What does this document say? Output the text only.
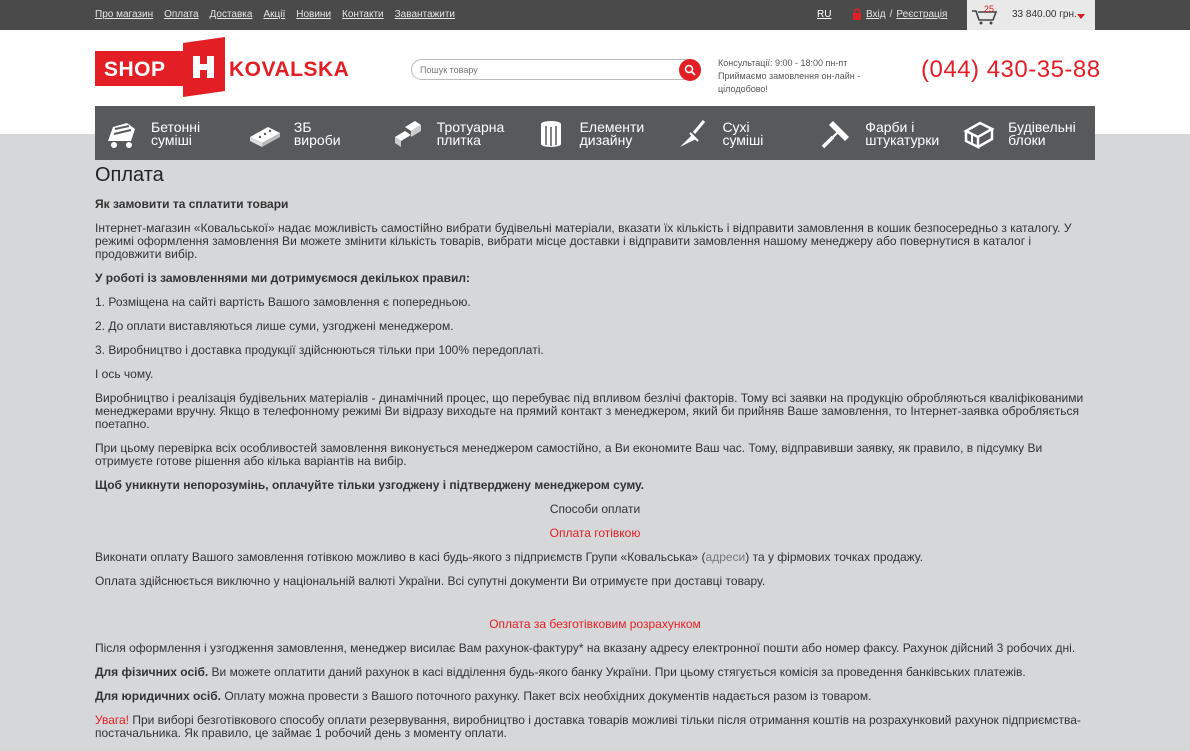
Про магазин Оплата Доставка Акції Новини Контакти Завантажити	RU	Вхід / Реєстрація	25 33 840.00 грн.
SHOP	KOVALSKA
Пошук товару	Консультації: 9:00 - 18:00 пн-пт
Приймаємо замовлення он-лайн - цілодобово!
(044) 430-35-88
Бетонні
суміші
ЗБ
вироби
Тротуарна
плитка
Елементи
дизайну
Сухі
суміші
Фарби і
штукатурки
Будівельні
блоки
Оплата
Як замовити та сплатити товари
Інтернет-магазин «Ковальської» надає можливість самостійно вибрати будівельні матеріали, вказати їх кількість і відправити замовлення в кошик безпосередньо з каталогу. У режимі оформлення замовлення Ви можете змінити кількість товарів, вибрати місце доставки і відправити замовлення нашому менеджеру або повернутися в каталог і продовжити вибір.
У роботі із замовленнями ми дотримуємося декількох правил:
1. Розміщена на сайті вартість Вашого замовлення є попередньою.
2. До оплати виставляються лише суми, узгоджені менеджером.
3. Виробництво і доставка продукції здійснюються тільки при 100% передоплаті.
І ось чому.
Виробництво і реалізація будівельних матеріалів - динамічний процес, що перебуває під впливом безлічі факторів. Тому всі заявки на продукцію обробляються кваліфікованими менеджерами вручну. Якщо в телефонному режимі Ви відразу виходьте на прямий контакт з менеджером, який би прийняв Ваше замовлення, то Інтернет-заявка обробляється поетапно.
При цьому перевірка всіх особливостей замовлення виконується менеджером самостійно, а Ви економите Ваш час. Тому, відправивши заявку, як правило, в підсумку Ви отримуєте готове рішення або кілька варіантів на вибір.
Щоб уникнути непорозумінь, оплачуйте тільки узгоджену і підтверджену менеджером суму.
Способи оплати
Оплата готівкою
Виконати оплату Вашого замовлення готівкою можливо в касі будь-якого з підприємств Групи «Ковальська» (адреси) та у фірмових точках продажу.
Оплата здійснюється виключно у національній валюті України. Всі супутні документи Ви отримуєте при доставці товару.
Оплата за безготівковим розрахунком
Після оформлення і узгодження замовлення, менеджер висилає Вам рахунок-фактуру* на вказану адресу електронної пошти або номер факсу. Рахунок дійсний 3 робочих дні.
Для фізичних осіб. Ви можете оплатити даний рахунок в касі відділення будь-якого банку України. При цьому стягується комісія за проведення банківських платежів.
Для юридичних осіб. Оплату можна провести з Вашого поточного рахунку. Пакет всіх необхідних документів надається разом із товаром.
Увага! При виборі безготівкового способу оплати резервування, виробництво і доставка товарів можливі тільки після отримання коштів на розрахунковий рахунок підприємства-постачальника. Як правило, це займає 1 робочий день з моменту оплати.
